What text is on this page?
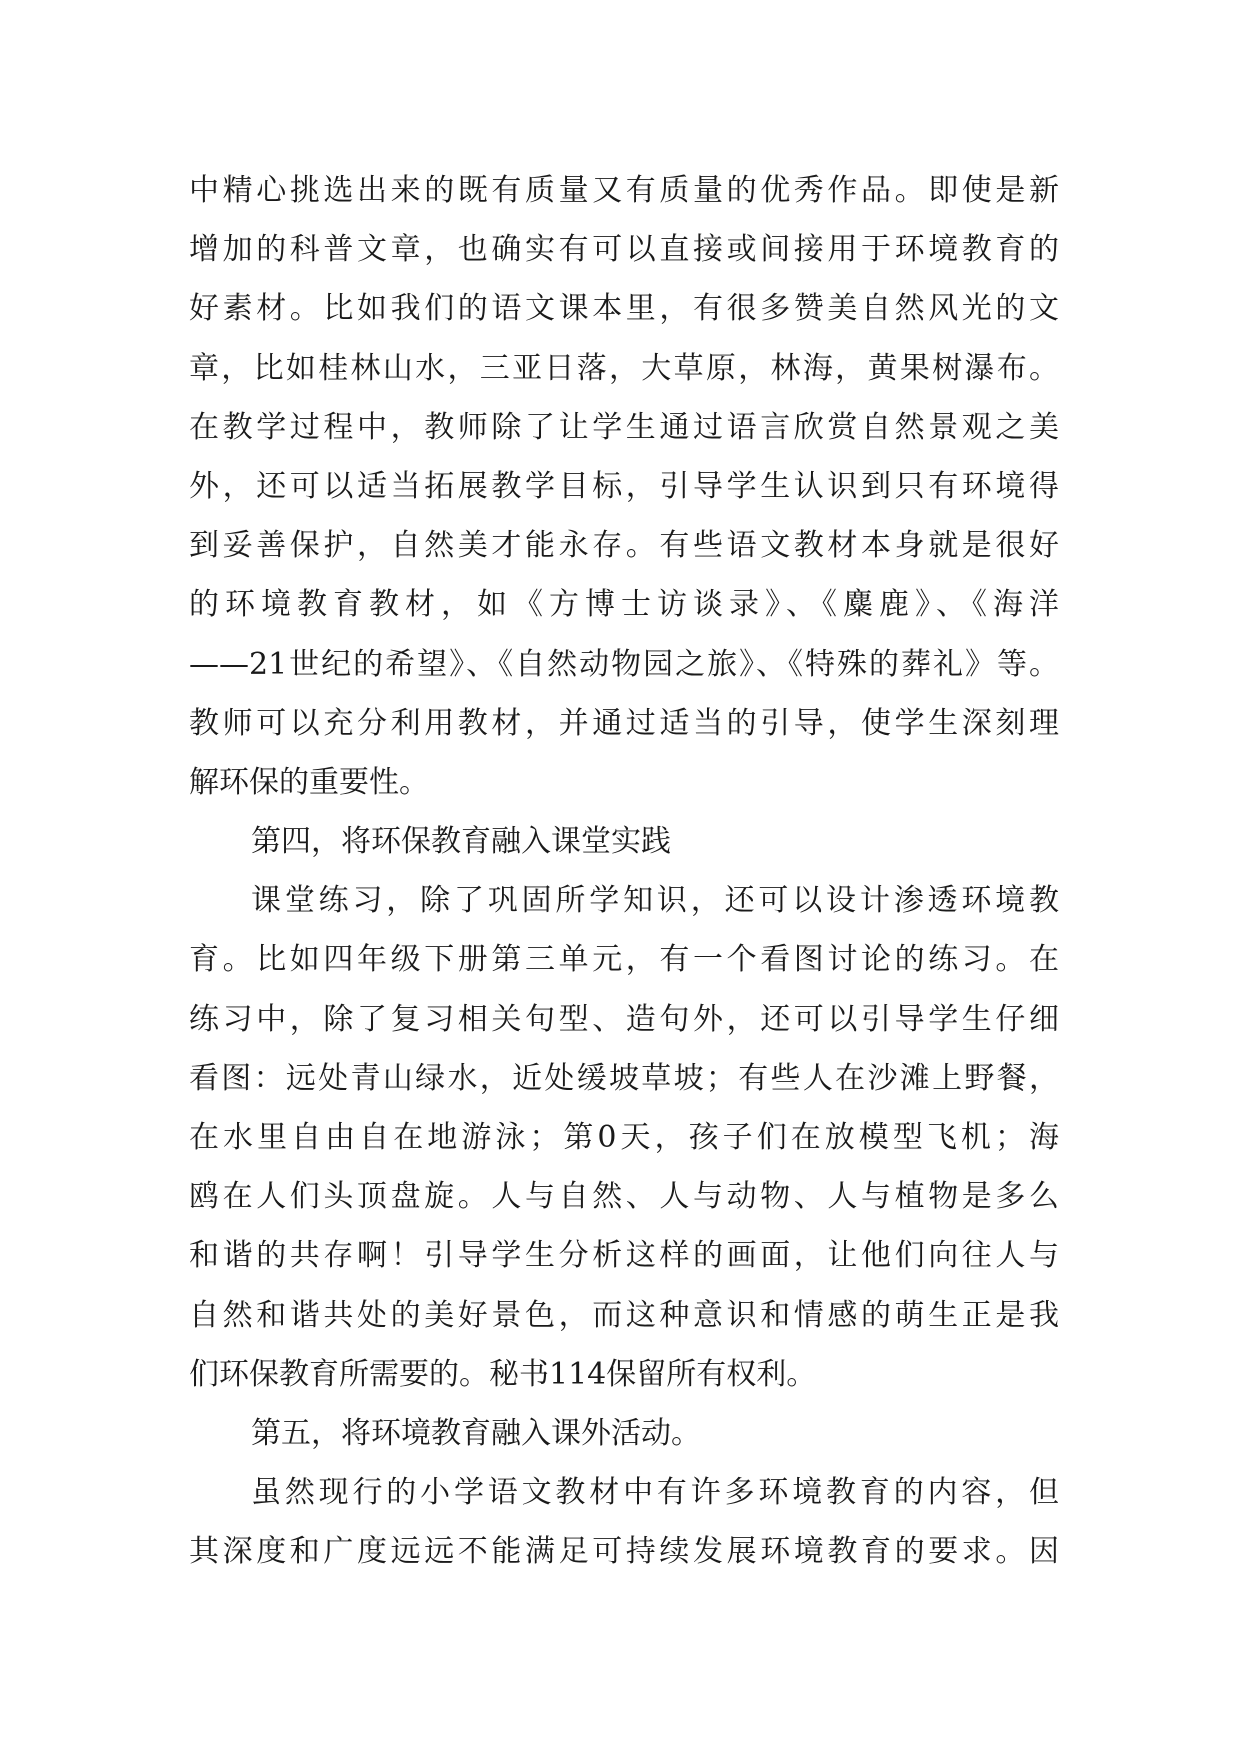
中精心挑选出来的既有质量又有质量的优秀作品。即使是新
增加的科普文章，也确实有可以直接或间接用于环境教育的
好素材。比如我们的语文课本里，有很多赞美自然风光的文
章，比如桂林山水，三亚日落，大草原，林海，黄果树瀑布。
在教学过程中，教师除了让学生通过语言欣赏自然景观之美
外，还可以适当拓展教学目标，引导学生认识到只有环境得
到妥善保护，自然美才能永存。有些语文教材本身就是很好
的环境教育教材，如《方博士访谈录》、《麋鹿》、《海洋
——21世纪的希望》、《自然动物园之旅》、《特殊的葬礼》等。
教师可以充分利用教材，并通过适当的引导，使学生深刻理
解环保的重要性。
第四，将环保教育融入课堂实践
课堂练习，除了巩固所学知识，还可以设计渗透环境教
育。比如四年级下册第三单元，有一个看图讨论的练习。在
练习中，除了复习相关句型、造句外，还可以引导学生仔细
看图：远处青山绿水，近处缓坡草坡；有些人在沙滩上野餐，
在水里自由自在地游泳；第0天，孩子们在放模型飞机；海
鸥在人们头顶盘旋。人与自然、人与动物、人与植物是多么
和谐的共存啊！引导学生分析这样的画面，让他们向往人与
自然和谐共处的美好景色，而这种意识和情感的萌生正是我
们环保教育所需要的。秘书114保留所有权利。
第五，将环境教育融入课外活动。
虽然现行的小学语文教材中有许多环境教育的内容，但
其深度和广度远远不能满足可持续发展环境教育的要求。因
